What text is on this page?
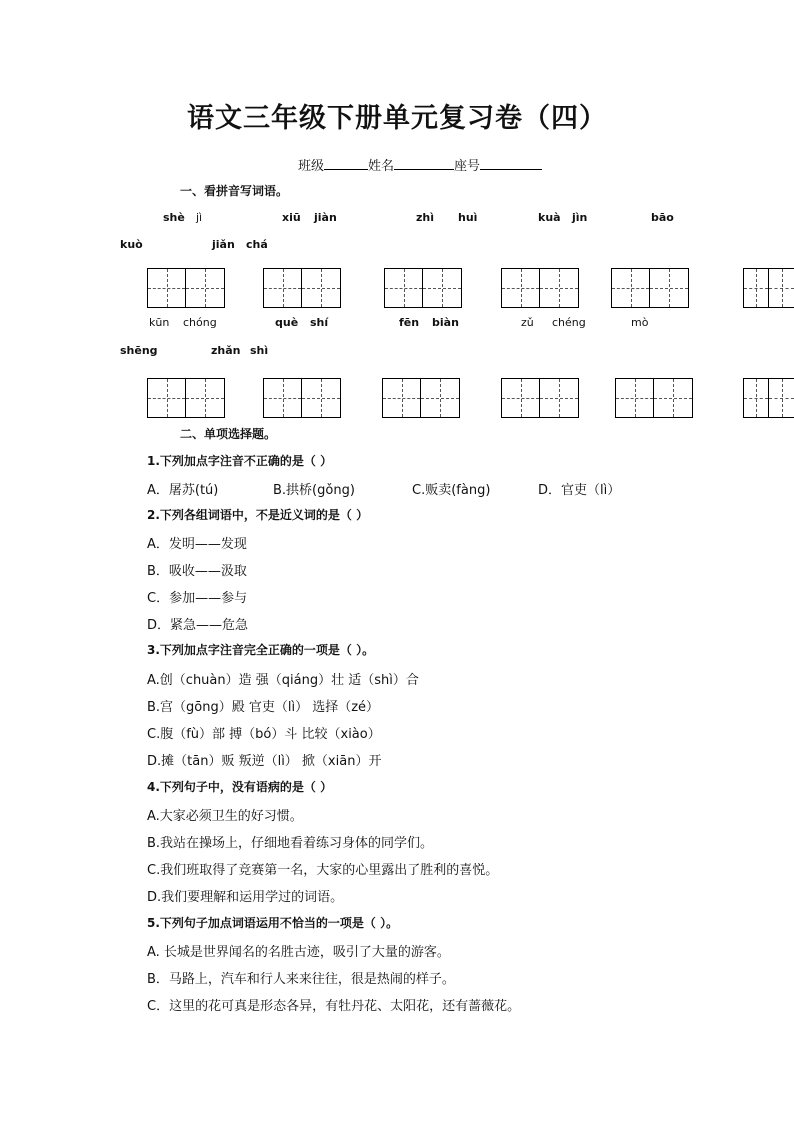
语文三年级下册单元复习卷（四）
班级	姓名	座号
一、看拼音写词语。
shè jì	xiū jiàn	zhì huì	kuà jìn	bāo
kuò	jiǎn chá
kūn chóng	què shí	fēn biàn	zǔ chéng	mò
shēng	zhǎn shì
二、单项选择题。
1.下列加点字注音不正确的是（ ）
A．屠苏(tú)	B.拱桥(gǒng)	C.贩卖(fàng)	D．官吏（lì）
2.下列各组词语中，不是近义词的是（ ）
A．发明——发现
B．吸收——汲取
C．参加——参与
D．紧急——危急
3.下列加点字注音完全正确的一项是（ ）。
A.创（chuàn）造 强（qiáng）壮 适（shì）合
B.宫（gōng）殿 官吏（lì） 选择（zé）
C.腹（fù）部 搏（bó）斗 比较（xiào）
D.摊（tān）贩 叛逆（lì） 掀（xiān）开
4.下列句子中，没有语病的是（ ）
A.大家必须卫生的好习惯。
B.我站在操场上，仔细地看着练习身体的同学们。
C.我们班取得了竞赛第一名，大家的心里露出了胜利的喜悦。
D.我们要理解和运用学过的词语。
5.下列句子加点词语运用不恰当的一项是（ ）。
A. 长城是世界闻名的名胜古迹，吸引了大量的游客。
B．马路上，汽车和行人来来往往，很是热闹的样子。
C．这里的花可真是形态各异，有牡丹花、太阳花，还有蔷薇花。
